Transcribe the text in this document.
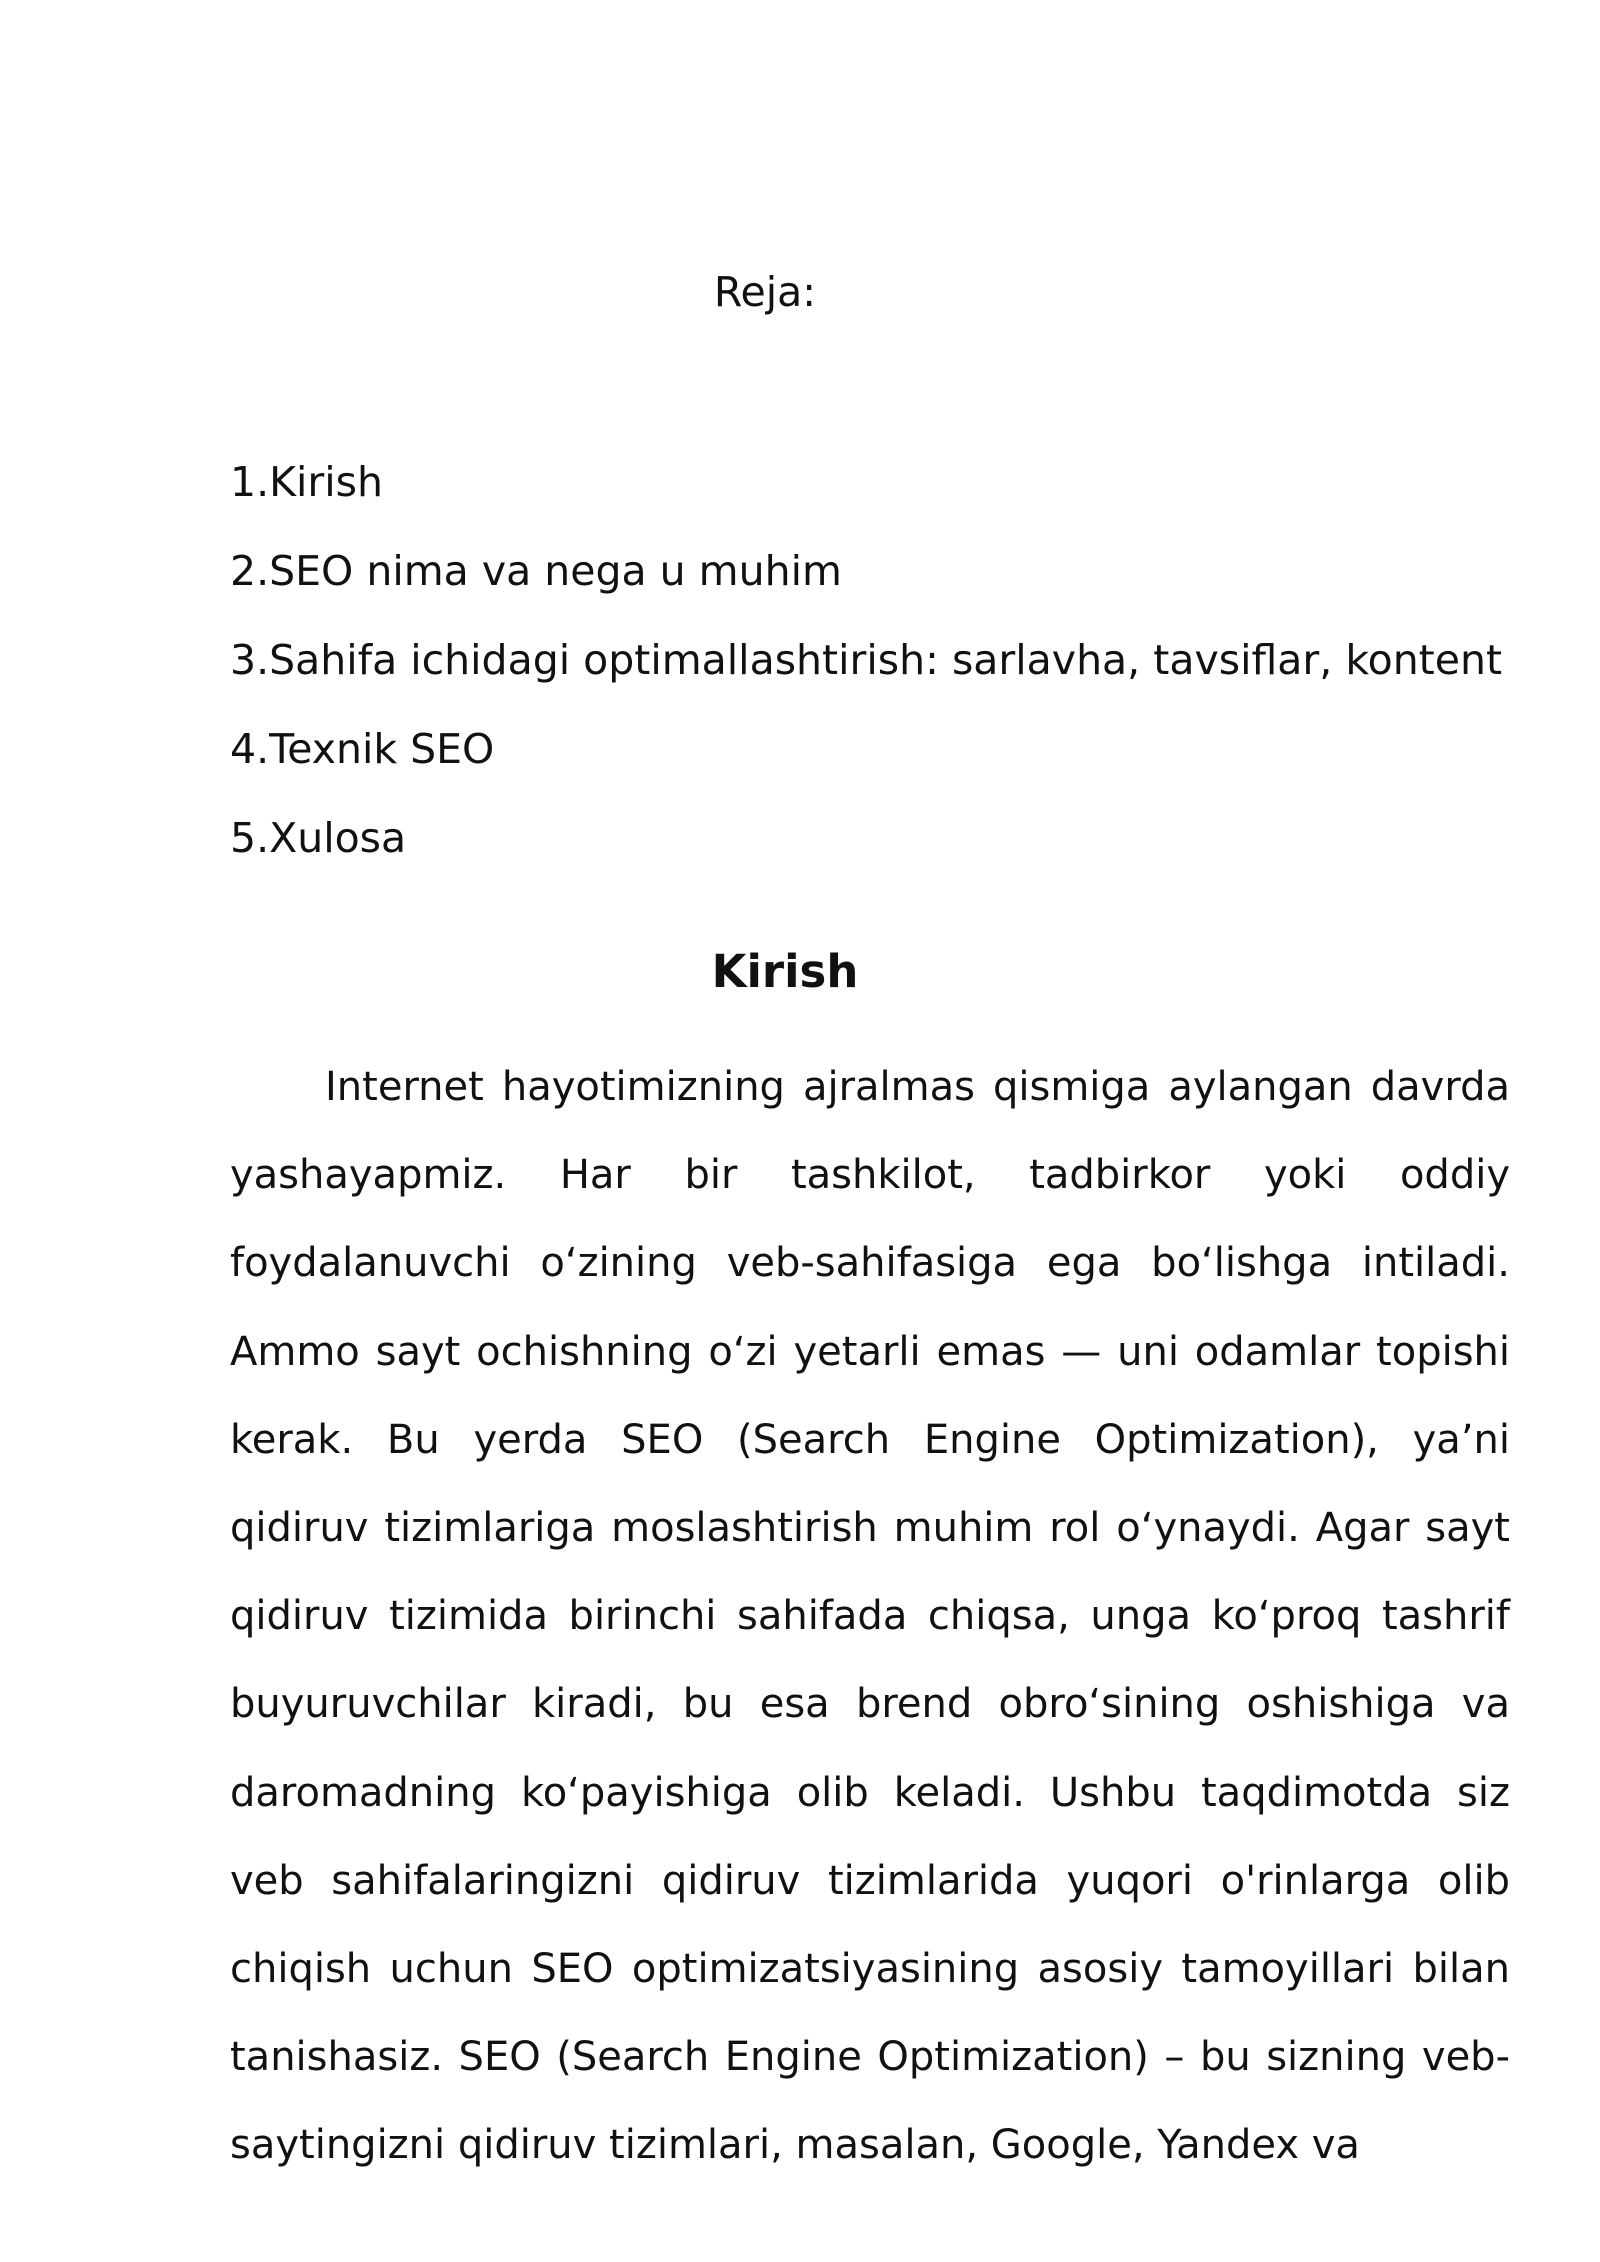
Reja:
1.Kirish
2.SEO nima va nega u muhim
3.Sahifa ichidagi optimallashtirish: sarlavha, tavsiflar, kontent
4.Texnik SEO
5.Xulosa
Kirish

Internet hayotimizning ajralmas qismiga aylangan davrda yashayapmiz. Har bir tashkilot, tadbirkor yoki oddiy foydalanuvchi o‘zining veb-sahifasiga ega bo‘lishga intiladi. Ammo sayt ochishning o‘zi yetarli emas — uni odamlar topishi kerak. Bu yerda SEO (Search Engine Optimization), ya’ni qidiruv tizimlariga moslashtirish muhim rol o‘ynaydi. Agar sayt qidiruv tizimida birinchi sahifada chiqsa, unga ko‘proq tashrif buyuruvchilar kiradi, bu esa brend obro‘sining oshishiga va daromadning ko‘payishiga olib keladi. Ushbu taqdimotda siz veb sahifalaringizni qidiruv tizimlarida yuqori o'rinlarga olib chiqish uchun SEO optimizatsiyasining asosiy tamoyillari bilan tanishasiz. SEO (Search Engine Optimization) – bu sizning veb-saytingizni qidiruv tizimlari, masalan, Google, Yandex va
